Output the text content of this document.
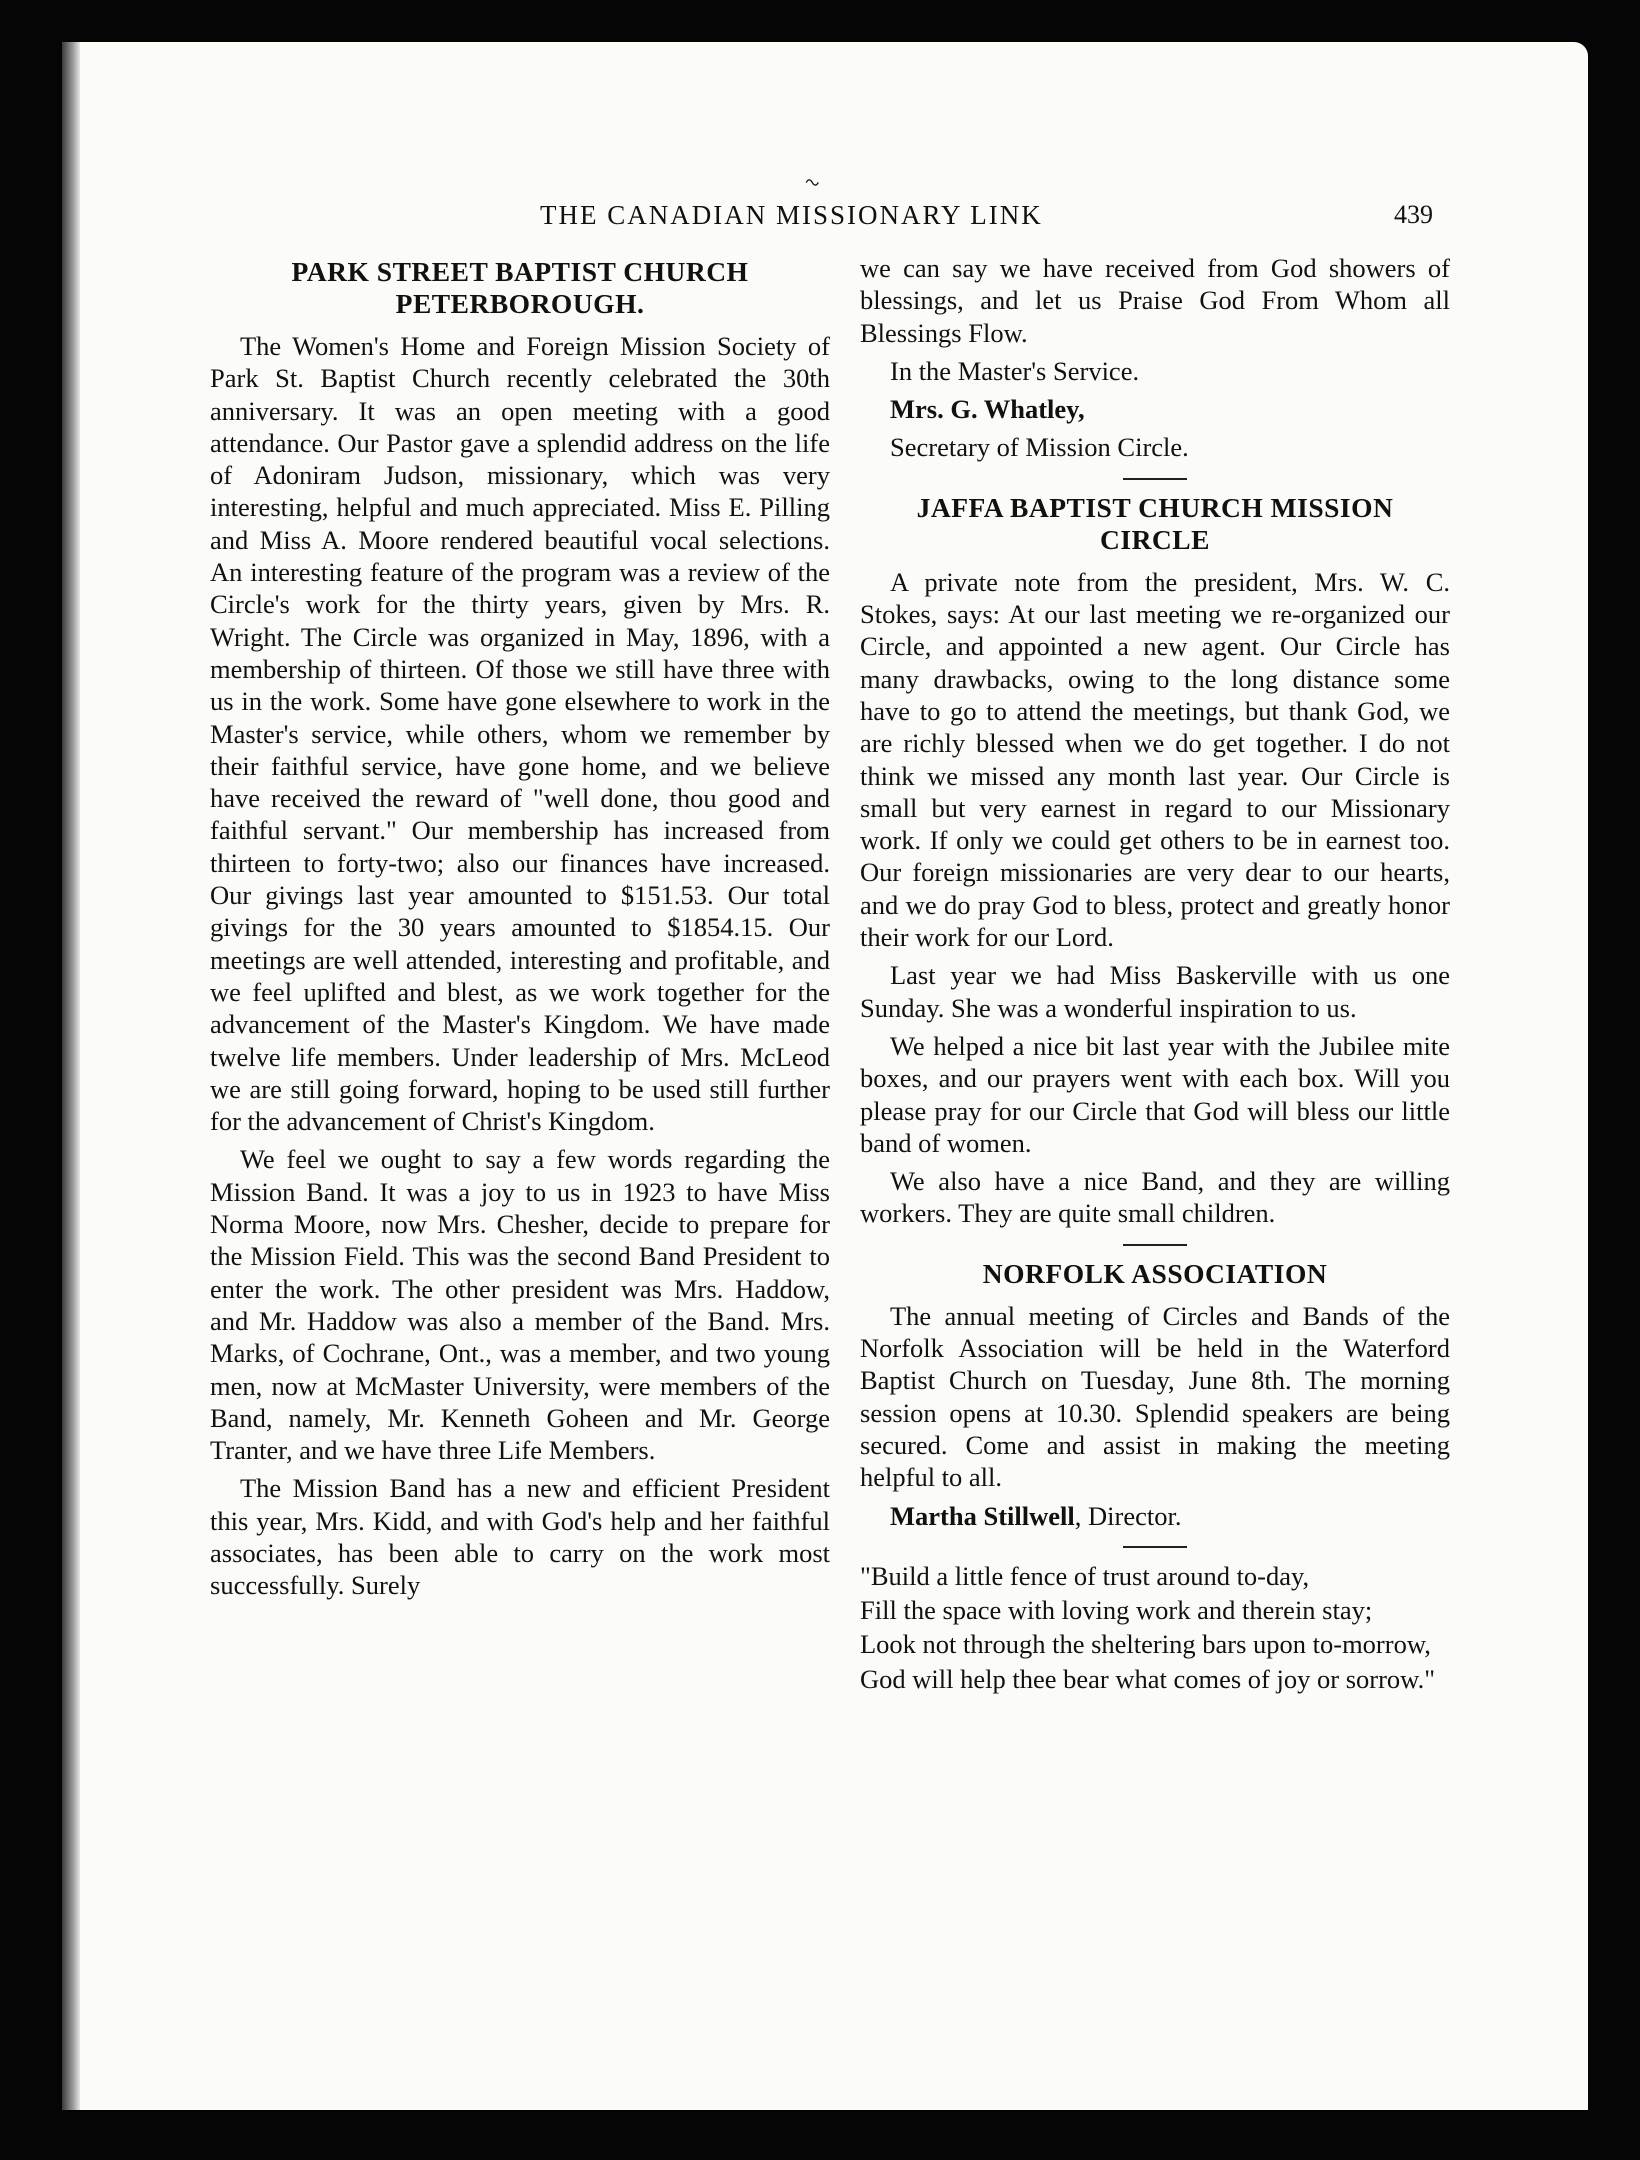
~
THE CANADIAN MISSIONARY LINK	439
PARK STREET BAPTIST CHURCH PETERBOROUGH.

The Women's Home and Foreign Mission Society of Park St. Baptist Church recently celebrated the 30th anniversary. It was an open meeting with a good attendance. Our Pastor gave a splendid address on the life of Adoniram Judson, missionary, which was very interesting, helpful and much appreciated. Miss E. Pilling and Miss A. Moore rendered beautiful vocal selections. An interesting feature of the program was a review of the Circle's work for the thirty years, given by Mrs. R. Wright. The Circle was organized in May, 1896, with a membership of thirteen. Of those we still have three with us in the work. Some have gone elsewhere to work in the Master's service, while others, whom we remember by their faithful service, have gone home, and we believe have received the reward of "well done, thou good and faithful servant." Our membership has increased from thirteen to forty-two; also our finances have increased. Our givings last year amounted to $151.53. Our total givings for the 30 years amounted to $1854.15. Our meetings are well attended, interesting and profitable, and we feel uplifted and blest, as we work together for the advancement of the Master's Kingdom. We have made twelve life members. Under leadership of Mrs. McLeod we are still going forward, hoping to be used still further for the advancement of Christ's Kingdom.

We feel we ought to say a few words regarding the Mission Band. It was a joy to us in 1923 to have Miss Norma Moore, now Mrs. Chesher, decide to prepare for the Mission Field. This was the second Band President to enter the work. The other president was Mrs. Haddow, and Mr. Haddow was also a member of the Band. Mrs. Marks, of Cochrane, Ont., was a member, and two young men, now at McMaster University, were members of the Band, namely, Mr. Kenneth Goheen and Mr. George Tranter, and we have three Life Members.

The Mission Band has a new and efficient President this year, Mrs. Kidd, and with God's help and her faithful associates, has been able to carry on the work most successfully. Surely

we can say we have received from God showers of blessings, and let us Praise God From Whom all Blessings Flow.

In the Master's Service.

Mrs. G. Whatley,

Secretary of Mission Circle.

JAFFA BAPTIST CHURCH MISSION CIRCLE

A private note from the president, Mrs. W. C. Stokes, says: At our last meeting we re-organized our Circle, and appointed a new agent. Our Circle has many drawbacks, owing to the long distance some have to go to attend the meetings, but thank God, we are richly blessed when we do get together. I do not think we missed any month last year. Our Circle is small but very earnest in regard to our Missionary work. If only we could get others to be in earnest too. Our foreign missionaries are very dear to our hearts, and we do pray God to bless, protect and greatly honor their work for our Lord.

Last year we had Miss Baskerville with us one Sunday. She was a wonderful inspiration to us.

We helped a nice bit last year with the Jubilee mite boxes, and our prayers went with each box. Will you please pray for our Circle that God will bless our little band of women.

We also have a nice Band, and they are willing workers. They are quite small children.

NORFOLK ASSOCIATION

The annual meeting of Circles and Bands of the Norfolk Association will be held in the Waterford Baptist Church on Tuesday, June 8th. The morning session opens at 10.30. Splendid speakers are being secured. Come and assist in making the meeting helpful to all.

Martha Stillwell, Director.

"Build a little fence of trust around to-day,

Fill the space with loving work and therein stay;

Look not through the sheltering bars upon to-morrow,

God will help thee bear what comes of joy or sorrow."
